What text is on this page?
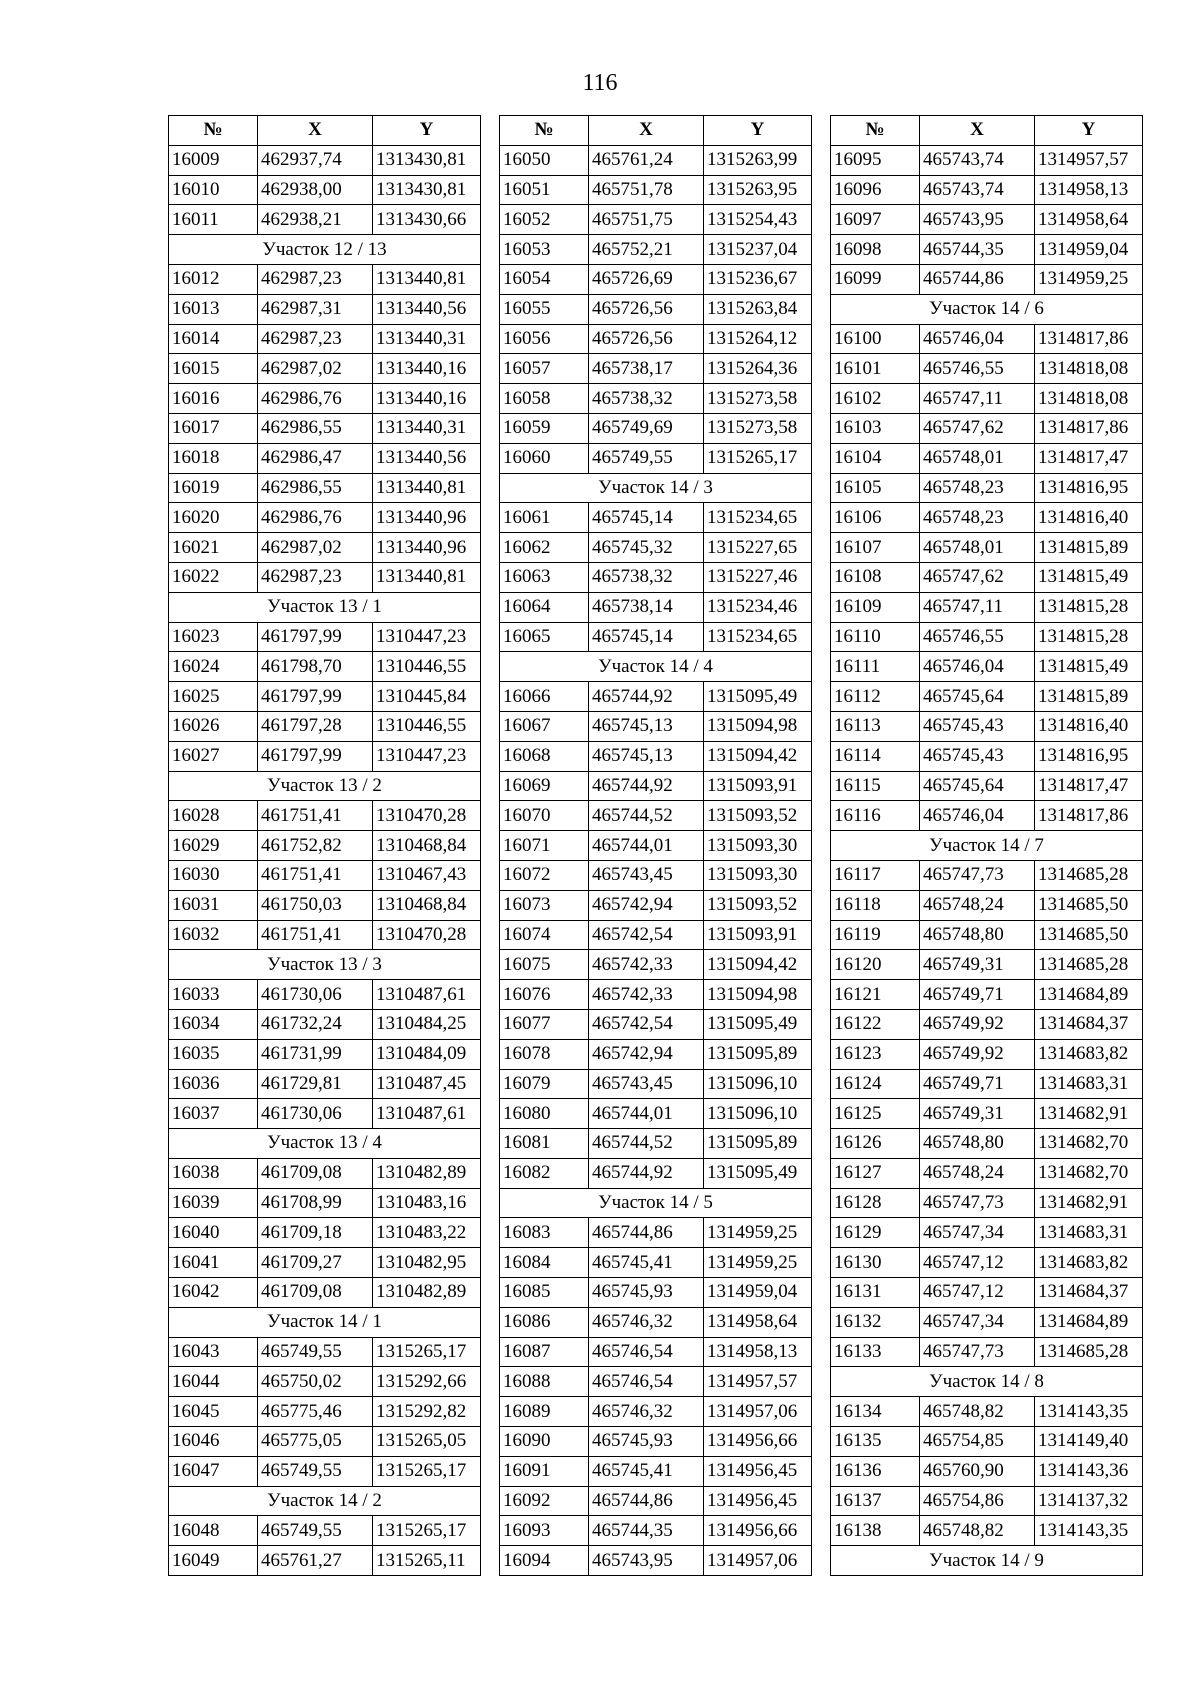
116
№	X	Y
16009	462937,74	1313430,81
16010	462938,00	1313430,81
16011	462938,21	1313430,66
Участок 12 / 13		
16012	462987,23	1313440,81
16013	462987,31	1313440,56
16014	462987,23	1313440,31
16015	462987,02	1313440,16
16016	462986,76	1313440,16
16017	462986,55	1313440,31
16018	462986,47	1313440,56
16019	462986,55	1313440,81
16020	462986,76	1313440,96
16021	462987,02	1313440,96
16022	462987,23	1313440,81
Участок 13 / 1		
16023	461797,99	1310447,23
16024	461798,70	1310446,55
16025	461797,99	1310445,84
16026	461797,28	1310446,55
16027	461797,99	1310447,23
Участок 13 / 2		
16028	461751,41	1310470,28
16029	461752,82	1310468,84
16030	461751,41	1310467,43
16031	461750,03	1310468,84
16032	461751,41	1310470,28
Участок 13 / 3		
16033	461730,06	1310487,61
16034	461732,24	1310484,25
16035	461731,99	1310484,09
16036	461729,81	1310487,45
16037	461730,06	1310487,61
Участок 13 / 4		
16038	461709,08	1310482,89
16039	461708,99	1310483,16
16040	461709,18	1310483,22
16041	461709,27	1310482,95
16042	461709,08	1310482,89
Участок 14 / 1		
16043	465749,55	1315265,17
16044	465750,02	1315292,66
16045	465775,46	1315292,82
16046	465775,05	1315265,05
16047	465749,55	1315265,17
Участок 14 / 2		
16048	465749,55	1315265,17
16049	465761,27	1315265,11
№	X	Y
16050	465761,24	1315263,99
16051	465751,78	1315263,95
16052	465751,75	1315254,43
16053	465752,21	1315237,04
16054	465726,69	1315236,67
16055	465726,56	1315263,84
16056	465726,56	1315264,12
16057	465738,17	1315264,36
16058	465738,32	1315273,58
16059	465749,69	1315273,58
16060	465749,55	1315265,17
Участок 14 / 3		
16061	465745,14	1315234,65
16062	465745,32	1315227,65
16063	465738,32	1315227,46
16064	465738,14	1315234,46
16065	465745,14	1315234,65
Участок 14 / 4		
16066	465744,92	1315095,49
16067	465745,13	1315094,98
16068	465745,13	1315094,42
16069	465744,92	1315093,91
16070	465744,52	1315093,52
16071	465744,01	1315093,30
16072	465743,45	1315093,30
16073	465742,94	1315093,52
16074	465742,54	1315093,91
16075	465742,33	1315094,42
16076	465742,33	1315094,98
16077	465742,54	1315095,49
16078	465742,94	1315095,89
16079	465743,45	1315096,10
16080	465744,01	1315096,10
16081	465744,52	1315095,89
16082	465744,92	1315095,49
Участок 14 / 5		
16083	465744,86	1314959,25
16084	465745,41	1314959,25
16085	465745,93	1314959,04
16086	465746,32	1314958,64
16087	465746,54	1314958,13
16088	465746,54	1314957,57
16089	465746,32	1314957,06
16090	465745,93	1314956,66
16091	465745,41	1314956,45
16092	465744,86	1314956,45
16093	465744,35	1314956,66
16094	465743,95	1314957,06
№	X	Y
16095	465743,74	1314957,57
16096	465743,74	1314958,13
16097	465743,95	1314958,64
16098	465744,35	1314959,04
16099	465744,86	1314959,25
Участок 14 / 6		
16100	465746,04	1314817,86
16101	465746,55	1314818,08
16102	465747,11	1314818,08
16103	465747,62	1314817,86
16104	465748,01	1314817,47
16105	465748,23	1314816,95
16106	465748,23	1314816,40
16107	465748,01	1314815,89
16108	465747,62	1314815,49
16109	465747,11	1314815,28
16110	465746,55	1314815,28
16111	465746,04	1314815,49
16112	465745,64	1314815,89
16113	465745,43	1314816,40
16114	465745,43	1314816,95
16115	465745,64	1314817,47
16116	465746,04	1314817,86
Участок 14 / 7		
16117	465747,73	1314685,28
16118	465748,24	1314685,50
16119	465748,80	1314685,50
16120	465749,31	1314685,28
16121	465749,71	1314684,89
16122	465749,92	1314684,37
16123	465749,92	1314683,82
16124	465749,71	1314683,31
16125	465749,31	1314682,91
16126	465748,80	1314682,70
16127	465748,24	1314682,70
16128	465747,73	1314682,91
16129	465747,34	1314683,31
16130	465747,12	1314683,82
16131	465747,12	1314684,37
16132	465747,34	1314684,89
16133	465747,73	1314685,28
Участок 14 / 8		
16134	465748,82	1314143,35
16135	465754,85	1314149,40
16136	465760,90	1314143,36
16137	465754,86	1314137,32
16138	465748,82	1314143,35
Участок 14 / 9		
